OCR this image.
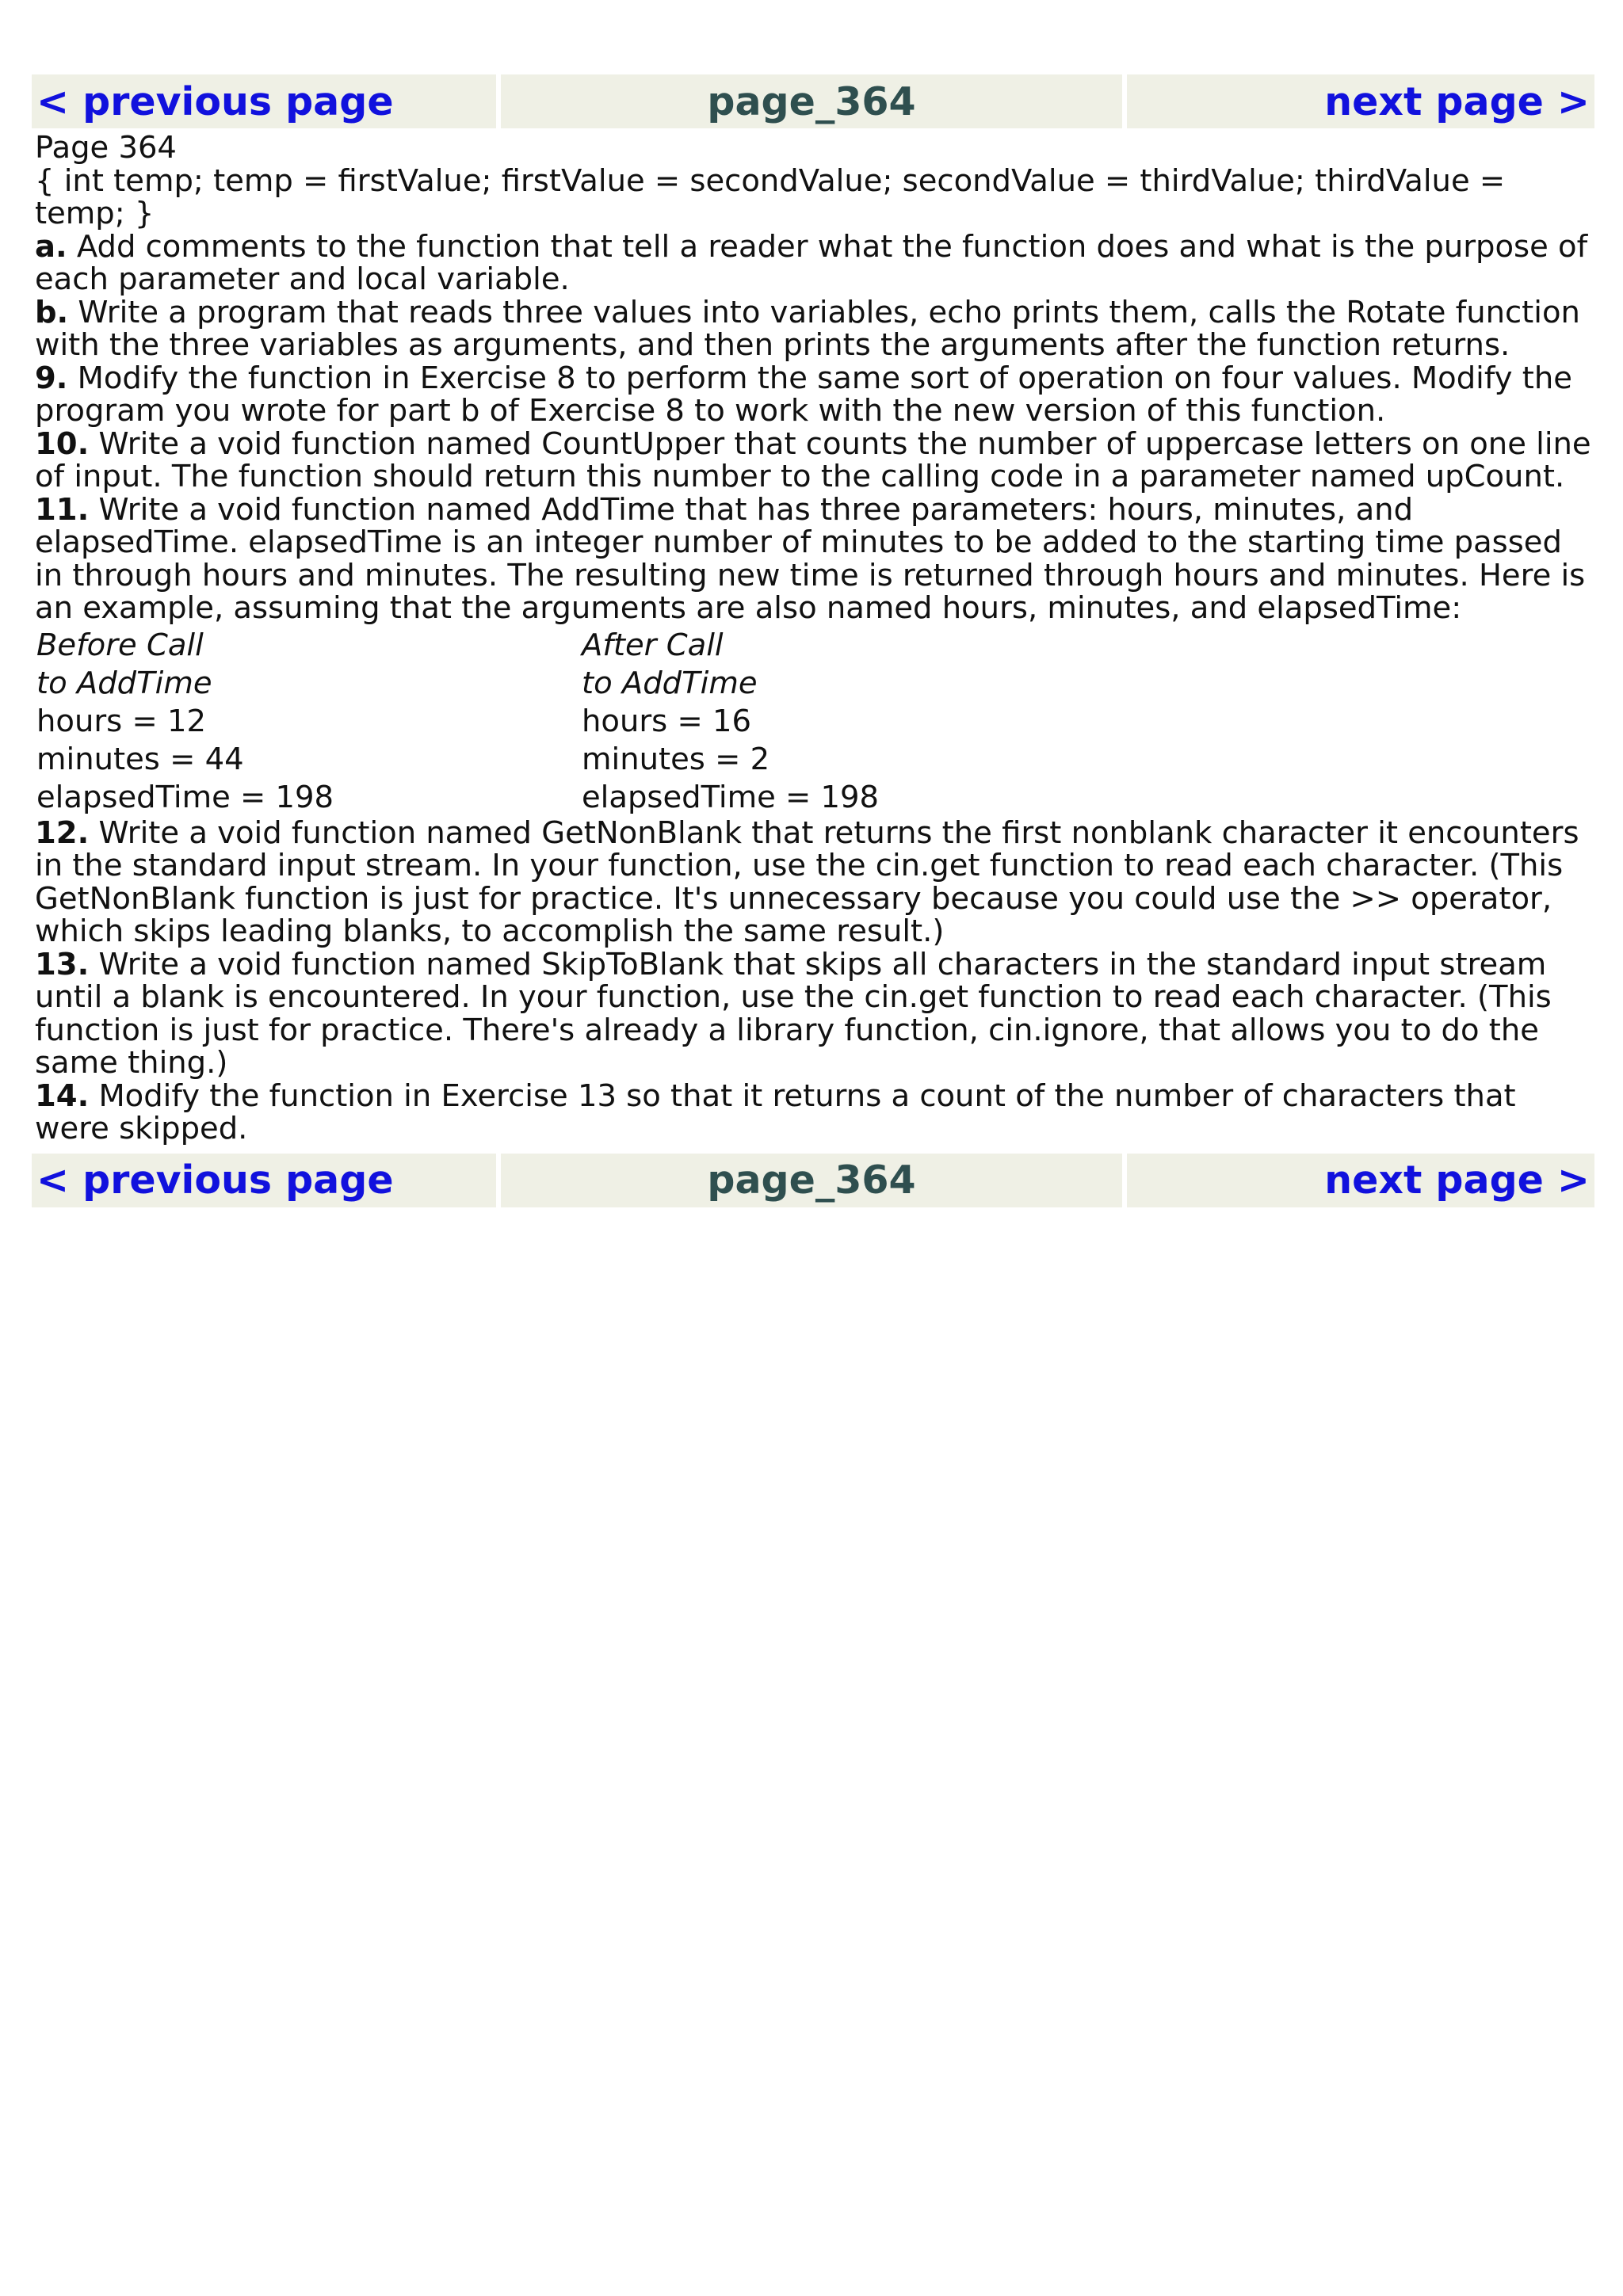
< previous page	page_364	next page >

Page 364

{ int temp; temp = firstValue; firstValue = secondValue; secondValue = thirdValue; thirdValue = temp; }

a. Add comments to the function that tell a reader what the function does and what is the purpose of each parameter and local variable.

b. Write a program that reads three values into variables, echo prints them, calls the Rotate function with the three variables as arguments, and then prints the arguments after the function returns.

9. Modify the function in Exercise 8 to perform the same sort of operation on four values. Modify the program you wrote for part b of Exercise 8 to work with the new version of this function.

10. Write a void function named CountUpper that counts the number of uppercase letters on one line of input. The function should return this number to the calling code in a parameter named upCount.

11. Write a void function named AddTime that has three parameters: hours, minutes, and elapsedTime. elapsedTime is an integer number of minutes to be added to the starting time passed in through hours and minutes. The resulting new time is returned through hours and minutes. Here is an example, assuming that the arguments are also named hours, minutes, and elapsedTime:

Before Call	After Call
to AddTime	to AddTime
hours = 12	hours = 16
minutes = 44	minutes = 2
elapsedTime = 198	elapsedTime = 198

12. Write a void function named GetNonBlank that returns the first nonblank character it encounters in the standard input stream. In your function, use the cin.get function to read each character. (This GetNonBlank function is just for practice. It's unnecessary because you could use the >> operator, which skips leading blanks, to accomplish the same result.)

13. Write a void function named SkipToBlank that skips all characters in the standard input stream until a blank is encountered. In your function, use the cin.get function to read each character. (This function is just for practice. There's already a library function, cin.ignore, that allows you to do the same thing.)

14. Modify the function in Exercise 13 so that it returns a count of the number of characters that were skipped.

< previous page	page_364	next page >
